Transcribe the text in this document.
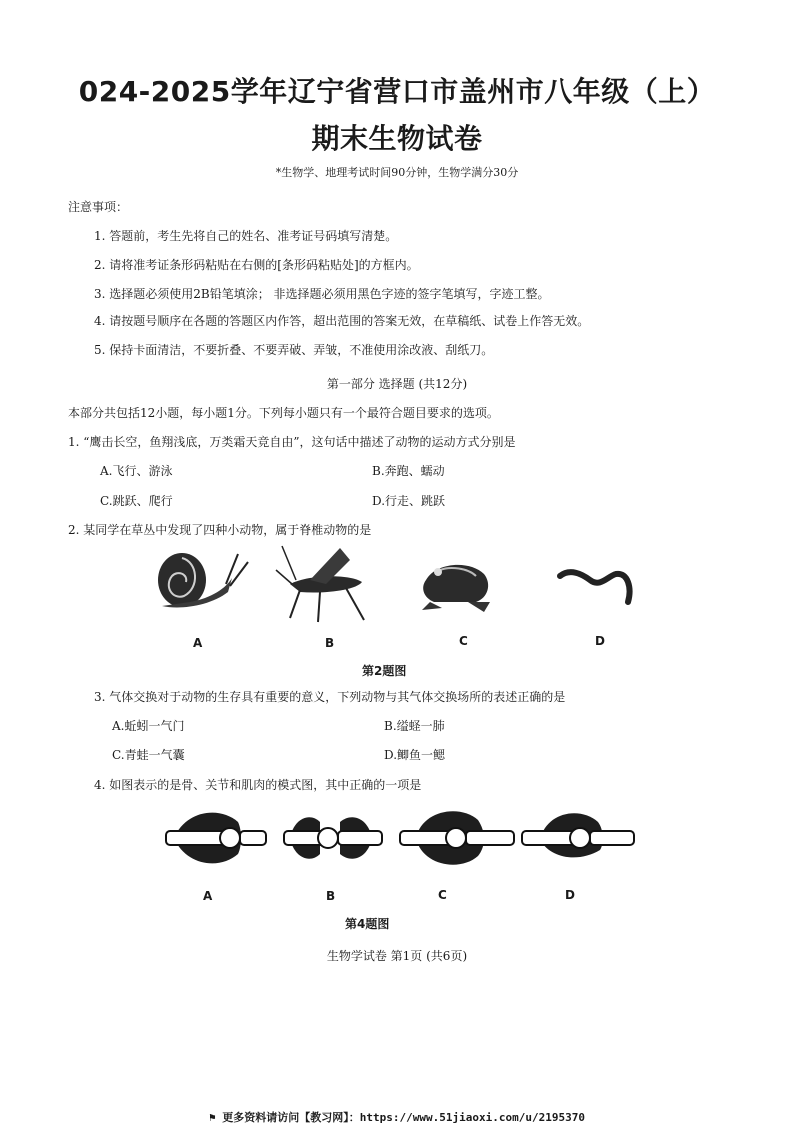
024-2025学年辽宁省营口市盖州市八年级（上）
期末生物试卷
*生物学、地理考试时间90分钟，生物学满分30分
注意事项：
1. 答题前，考生先将自己的姓名、准考证号码填写清楚。
2. 请将准考证条形码粘贴在右侧的[条形码粘贴处]的方框内。
3. 选择题必须使用2B铅笔填涂； 非选择题必须用黑色字迹的签字笔填写，字迹工整。
4. 请按题号顺序在各题的答题区内作答，超出范围的答案无效，在草稿纸、试卷上作答无效。
5. 保持卡面清洁，不要折叠、不要弄破、弄皱，不准使用涂改液、刮纸刀。
第一部分 选择题 (共12分)
本部分共包括12小题，每小题1分。下列每小题只有一个最符合题目要求的选项。
1. “鹰击长空，鱼翔浅底，万类霜天竞自由”，这句话中描述了动物的运动方式分别是
A.飞行、游泳	B.奔跑、蠕动
C.跳跃、爬行	D.行走、跳跃
2. 某同学在草丛中发现了四种小动物，属于脊椎动物的是
A	B	C	D
第2题图
3. 气体交换对于动物的生存具有重要的意义，下列动物与其气体交换场所的表述正确的是
A.蚯蚓一气门	B.缢蛏一肺
C.青蛙一气囊	D.鲫鱼一鳃
4. 如图表示的是骨、关节和肌肉的模式图，其中正确的一项是
A	B	C	D
第4题图
生物学试卷 第1页 (共6页)
⚑ 更多资料请访问【教习网】：https://www.51jiaoxi.com/u/2195370
